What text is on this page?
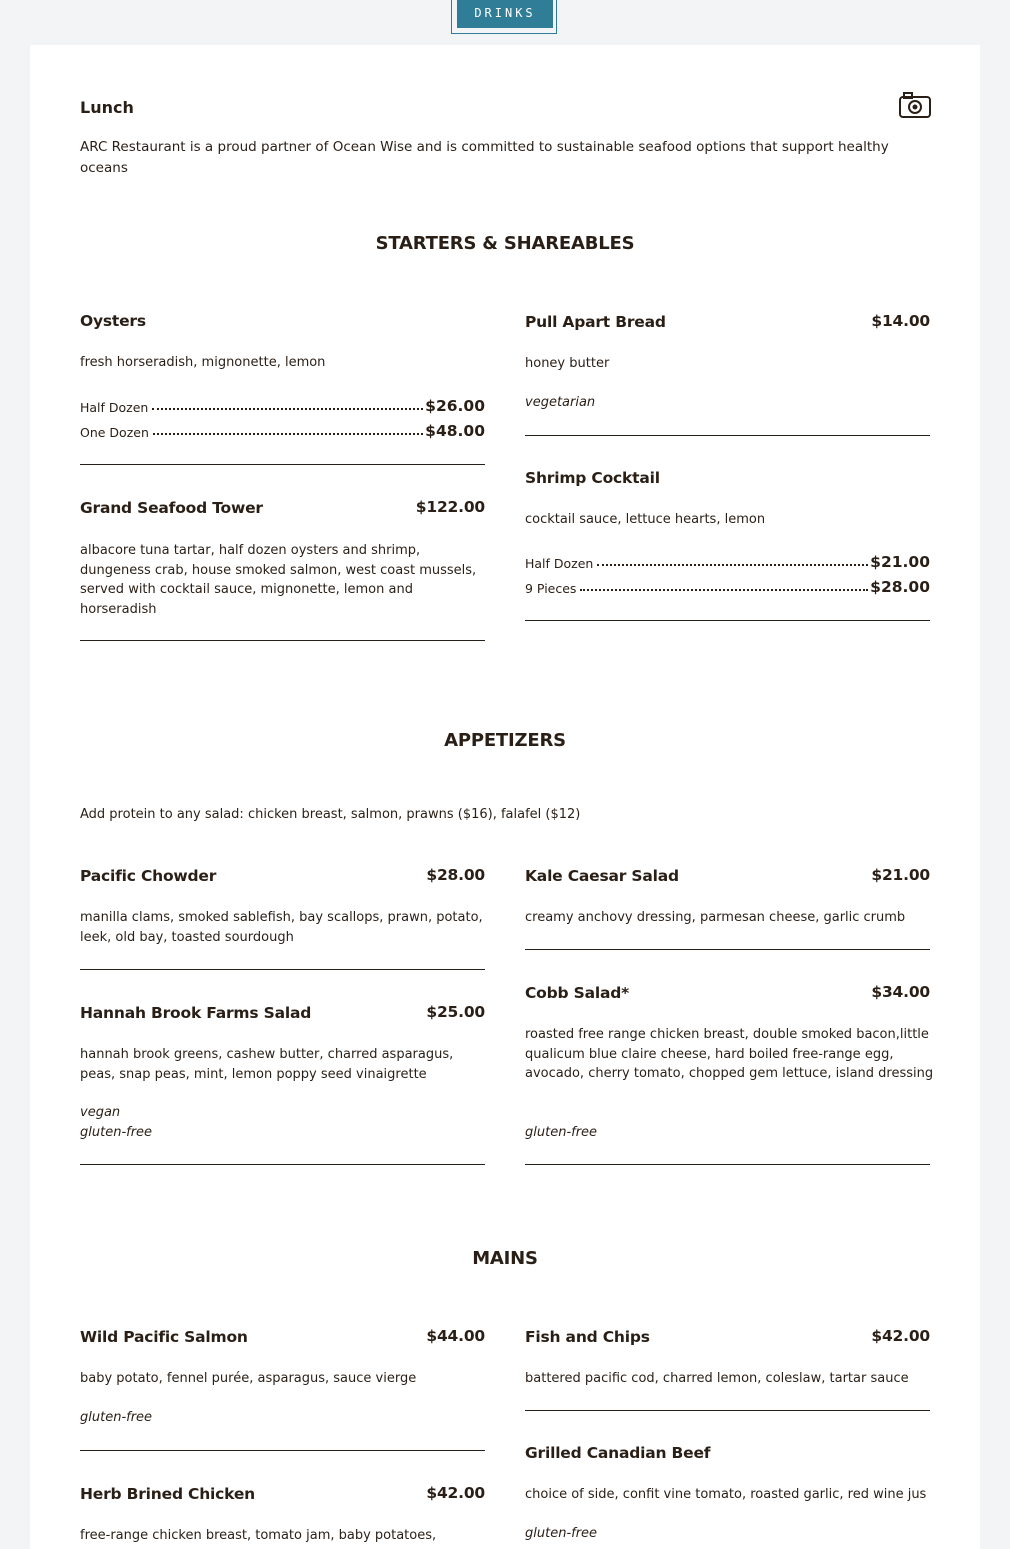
DRINKS
Lunch
ARC Restaurant is a proud partner of Ocean Wise and is committed to sustainable seafood options that support healthy oceans
STARTERS & SHAREABLES
Oysters
fresh horseradish, mignonette, lemon
Half Dozen	$26.00
One Dozen	$48.00
Pull Apart Bread	$14.00
honey butter
vegetarian
Grand Seafood Tower	$122.00
albacore tuna tartar, half dozen oysters and shrimp, dungeness crab, house smoked salmon, west coast mussels, served with cocktail sauce, mignonette, lemon and horseradish
Shrimp Cocktail
cocktail sauce, lettuce hearts, lemon
Half Dozen	$21.00
9 Pieces	$28.00
APPETIZERS
Add protein to any salad: chicken breast, salmon, prawns ($16), falafel ($12)
Pacific Chowder	$28.00
manilla clams, smoked sablefish, bay scallops, prawn, potato, leek, old bay, toasted sourdough
Kale Caesar Salad	$21.00
creamy anchovy dressing, parmesan cheese, garlic crumb
Hannah Brook Farms Salad	$25.00
hannah brook greens, cashew butter, charred asparagus, peas, snap peas, mint, lemon poppy seed vinaigrette
vegan
gluten-free
Cobb Salad*	$34.00
roasted free range chicken breast, double smoked bacon,little qualicum blue claire cheese, hard boiled free-range egg, avocado, cherry tomato, chopped gem lettuce, island dressing
gluten-free
MAINS
Wild Pacific Salmon	$44.00
baby potato, fennel purée, asparagus, sauce vierge
gluten-free
Fish and Chips	$42.00
battered pacific cod, charred lemon, coleslaw, tartar sauce
Herb Brined Chicken	$42.00
free-range chicken breast, tomato jam, baby potatoes,
Grilled Canadian Beef
choice of side, confit vine tomato, roasted garlic, red wine jus
gluten-free
